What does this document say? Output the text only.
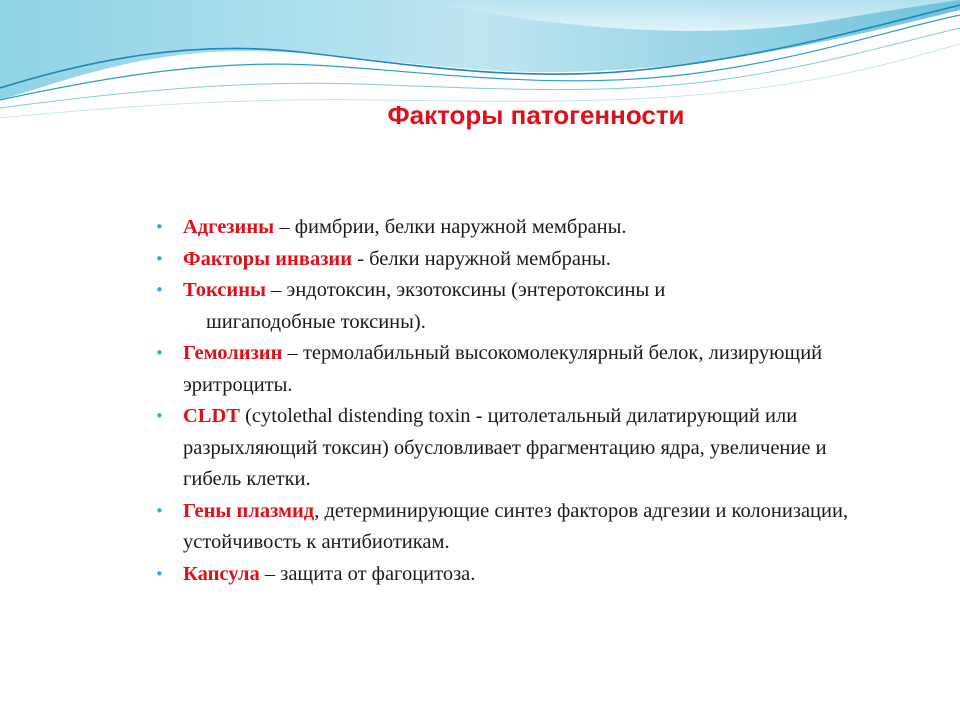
Факторы патогенности
• Адгезины – фимбрии, белки наружной мембраны.
• Факторы инвазии - белки наружной мембраны.
• Токсины – эндотоксин, экзотоксины (энтеротоксины и
шигаподобные токсины).
• Гемолизин – термолабильный высокомолекулярный белок, лизирующий эритроциты.
• CLDT (cytolethal distending toxin - цитолетальный дилатирующий или разрыхляющий токсин) обусловливает фрагментацию ядра, увеличение и гибель клетки.
• Гены плазмид, детерминирующие синтез факторов адгезии и колонизации, устойчивость к антибиотикам.
• Капсула – защита от фагоцитоза.
